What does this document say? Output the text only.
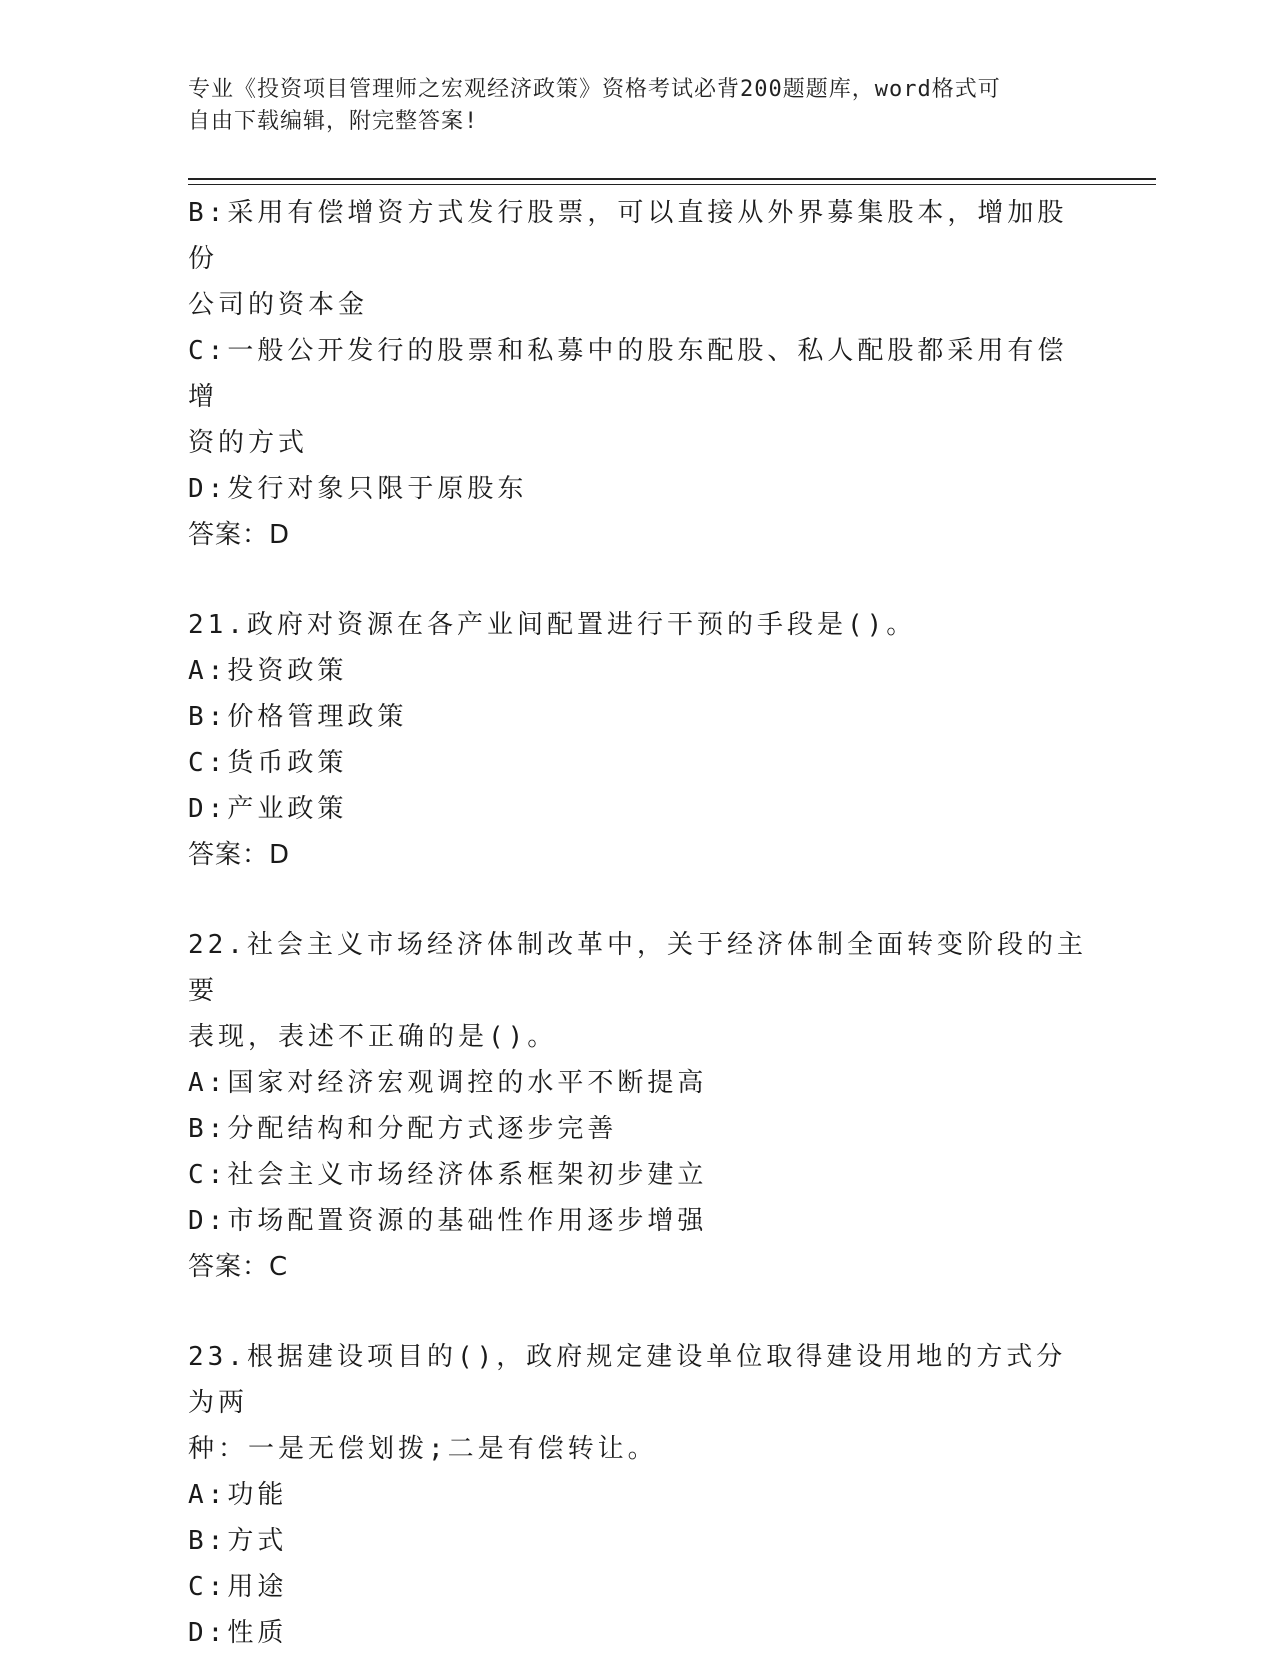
专业《投资项目管理师之宏观经济政策》资格考试必背200题题库，word格式可
自由下载编辑，附完整答案!

B:采用有偿增资方式发行股票，可以直接从外界募集股本，增加股份

公司的资本金

C:一般公开发行的股票和私募中的股东配股、私人配股都采用有偿增

资的方式

D:发行对象只限于原股东

答案：D

21.政府对资源在各产业间配置进行干预的手段是()。

A:投资政策

B:价格管理政策

C:货币政策

D:产业政策

答案：D

22.社会主义市场经济体制改革中，关于经济体制全面转变阶段的主要

表现，表述不正确的是()。

A:国家对经济宏观调控的水平不断提高

B:分配结构和分配方式逐步完善

C:社会主义市场经济体系框架初步建立

D:市场配置资源的基础性作用逐步增强

答案：C

23.根据建设项目的()，政府规定建设单位取得建设用地的方式分为两

种：一是无偿划拨;二是有偿转让。

A:功能

B:方式

C:用途

D:性质
